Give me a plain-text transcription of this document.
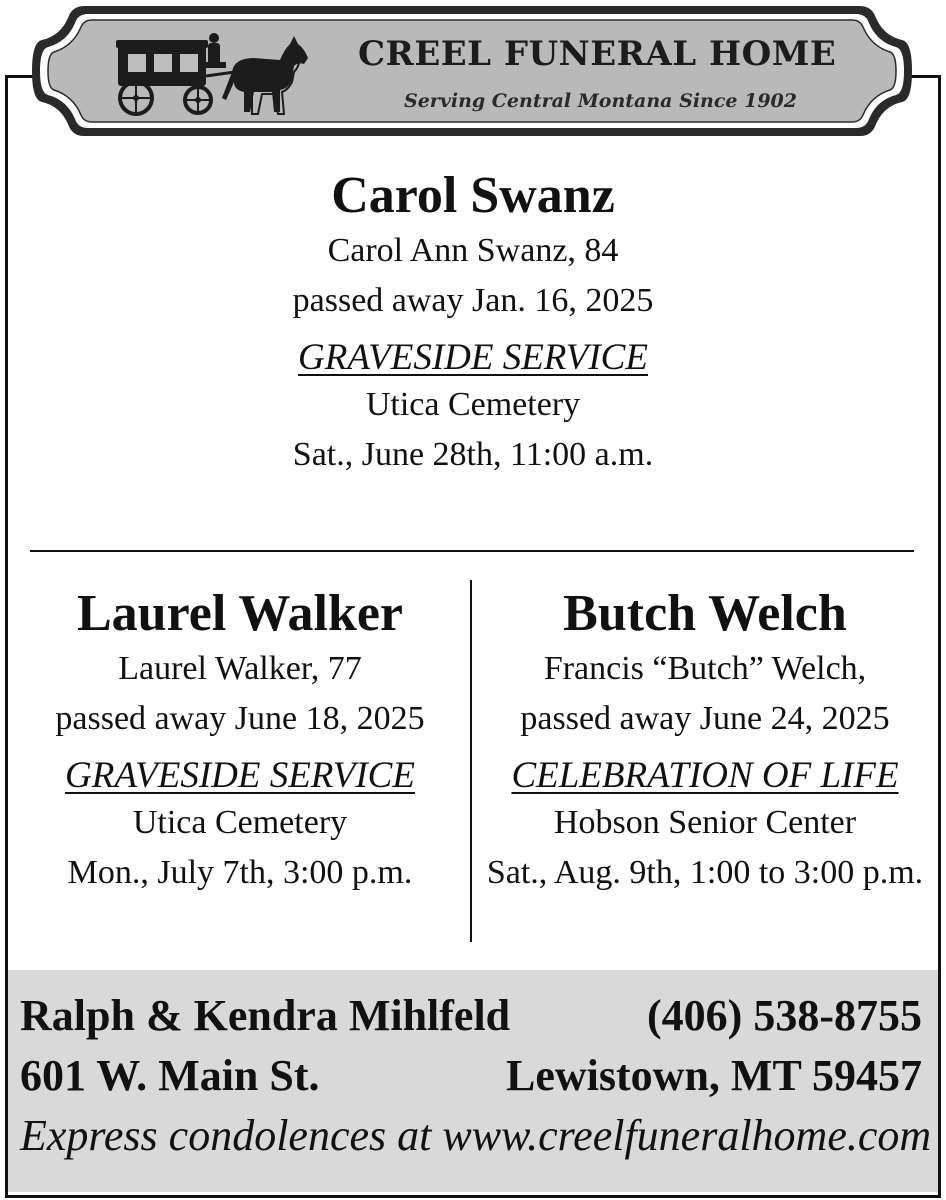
CREEL FUNERAL HOME
Serving Central Montana Since 1902
Carol Swanz
Carol Ann Swanz, 84
passed away Jan. 16, 2025
GRAVESIDE SERVICE
Utica Cemetery
Sat., June 28th, 11:00 a.m.
Laurel Walker
Laurel Walker, 77
passed away June 18, 2025
GRAVESIDE SERVICE
Utica Cemetery
Mon., July 7th, 3:00 p.m.
Butch Welch
Francis “Butch” Welch,
passed away June 24, 2025
CELEBRATION OF LIFE
Hobson Senior Center
Sat., Aug. 9th, 1:00 to 3:00 p.m.
Ralph & Kendra Mihlfeld	(406) 538-8755
601 W. Main St.	Lewistown, MT 59457
Express condolences at www.creelfuneralhome.com
